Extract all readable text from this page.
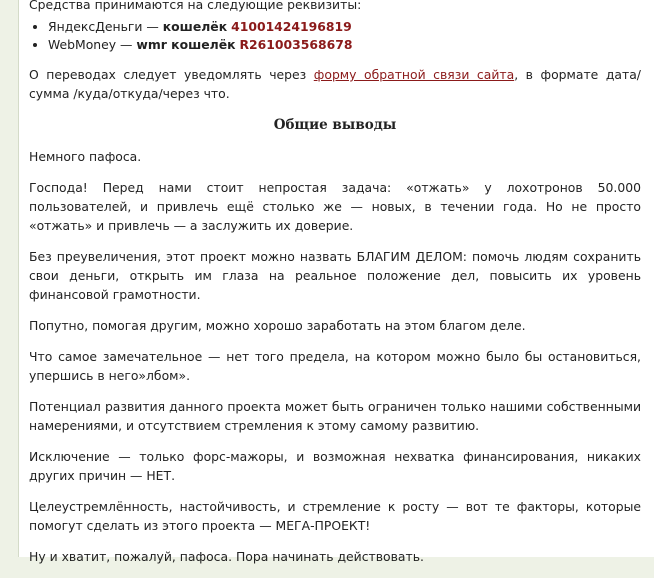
Средства принимаются на следующие реквизиты:

• ЯндексДеньги — кошелёк 41001424196819
• WebMoney — wmr кошелёк R261003568678

О переводах следует уведомлять через форму обратной связи сайта, в формате дата/сумма /куда/откуда/через что.

Общие выводы

Немного пафоса.

Господа! Перед нами стоит непростая задача: «отжать» у лохотронов 50.000 пользователей, и привлечь ещё столько же — новых, в течении года. Но не просто «отжать» и привлечь — а заслужить их доверие.

Без преувеличения, этот проект можно назвать БЛАГИМ ДЕЛОМ: помочь людям сохранить свои деньги, открыть им глаза на реальное положение дел, повысить их уровень финансовой грамотности.

Попутно, помогая другим, можно хорошо заработать на этом благом деле.

Что самое замечательное — нет того предела, на котором можно было бы остановиться, упершись в него»лбом».

Потенциал развития данного проекта может быть ограничен только нашими собственными намерениями, и отсутствием стремления к этому самому развитию.

Исключение — только форс-мажоры, и возможная нехватка финансирования, никаких других причин — НЕТ.

Целеустремлённость, настойчивость, и стремление к росту — вот те факторы, которые помогут сделать из этого проекта — МЕГА-ПРОЕКТ!

Ну и хватит, пожалуй, пафоса. Пора начинать действовать.
